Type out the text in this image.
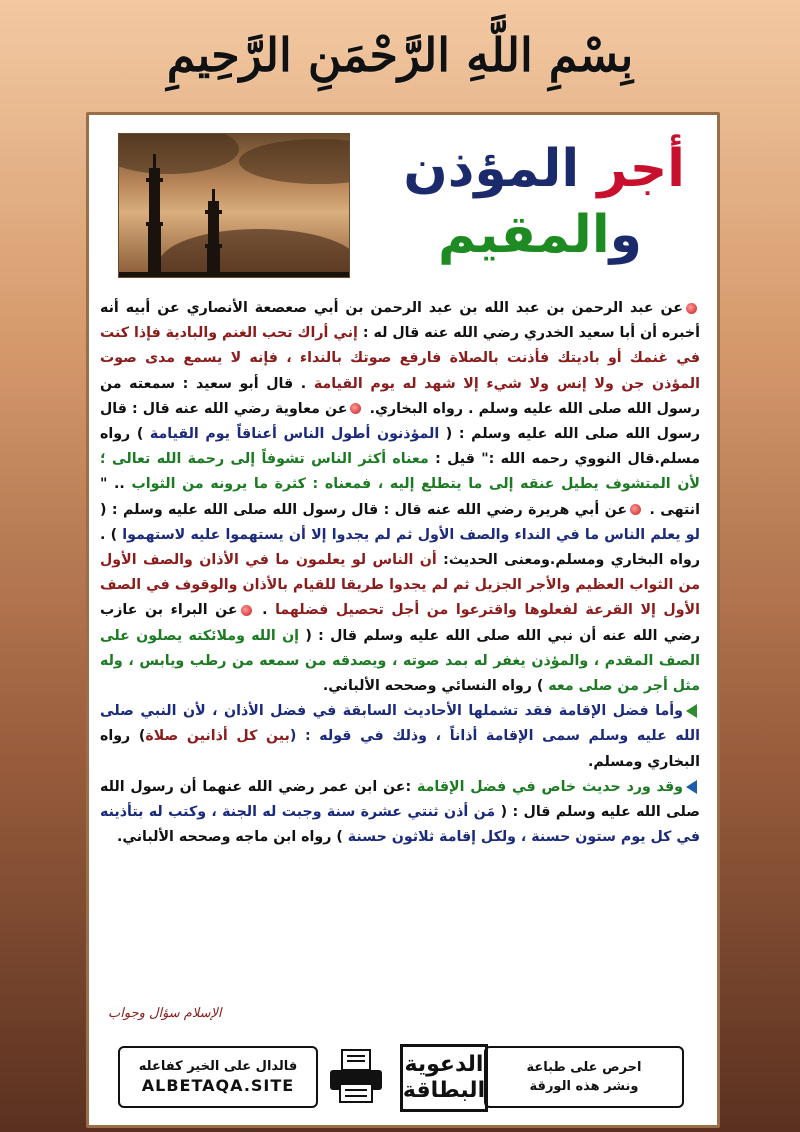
بِسْمِ اللَّهِ الرَّحْمَنِ الرَّحِيمِ
أجر المؤذن
والمقيم

عن عبد الرحمن بن عبد الله بن عبد الرحمن بن أبي صعصعة الأنصاري عن أبيه أنه أخبره أن أبا سعيد الخدري رضي الله عنه قال له : إني أراك تحب الغنم والبادية فإذا كنت في غنمك أو باديتك فأذنت بالصلاة فارفع صوتك بالنداء ، فإنه لا يسمع مدى صوت المؤذن جن ولا إنس ولا شيء إلا شهد له يوم القيامة . قال أبو سعيد : سمعته من رسول الله صلى الله عليه وسلم . رواه البخاري. عن معاوية رضي الله عنه قال : قال رسول الله صلى الله عليه وسلم : ( المؤذنون أطول الناس أعناقاً يوم القيامة ) رواه مسلم.قال النووي رحمه الله :" قيل : معناه أكثر الناس تشوفاً إلى رحمة الله تعالى ؛ لأن المتشوف يطيل عنقه إلى ما يتطلع إليه ، فمعناه : كثرة ما يرونه من الثواب .. " انتهى . عن أبي هريرة رضي الله عنه قال : قال رسول الله صلى الله عليه وسلم : ( لو يعلم الناس ما في النداء والصف الأول ثم لم يجدوا إلا أن يستهموا عليه لاستهموا ) . رواه البخاري ومسلم.ومعنى الحديث: أن الناس لو يعلمون ما في الأذان والصف الأول من الثواب العظيم والأجر الجزيل ثم لم يجدوا طريقا للقيام بالأذان والوقوف في الصف الأول إلا القرعة لفعلوها واقترعوا من أجل تحصيل فضلهما . عن البراء بن عازب رضي الله عنه أن نبي الله صلى الله عليه وسلم قال : ( إن الله وملائكته يصلون على الصف المقدم ، والمؤذن يغفر له بمد صوته ، ويصدقه من سمعه من رطب ويابس ، وله مثل أجر من صلى معه ) رواه النسائي وصححه الألباني.

وأما فضل الإقامة فقد تشملها الأحاديث السابقة في فضل الأذان ، لأن النبي صلى الله عليه وسلم سمى الإقامة أذاناً ، وذلك في قوله : (بين كل أذانين صلاة) رواه البخاري ومسلم.

وقد ورد حديث خاص في فضل الإقامة :عن ابن عمر رضي الله عنهما أن رسول الله صلى الله عليه وسلم قال : ( مَن أذن ثنتي عشرة سنة وجبت له الجنة ، وكتب له بتأذينه في كل يوم ستون حسنة ، ولكل إقامة ثلاثون حسنة ) رواه ابن ماجه وصححه الألباني.

الإسلام سؤال وجواب
فالدال على الخير كفاعله
ALBETAQA.SITE
الدعوية
البطاقة
احرص على طباعة
ونشر هذه الورقة
